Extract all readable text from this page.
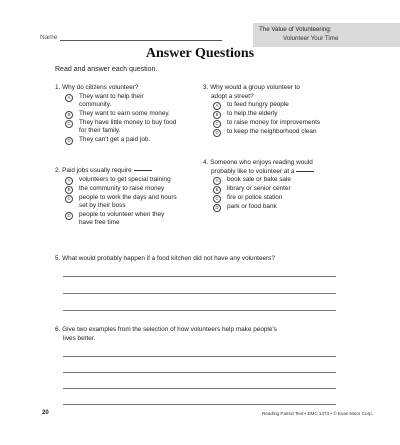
Name
The Value of Volunteering:
Volunteer Your Time
Answer Questions
Read and answer each question.
1. Why do citizens volunteer?
A	They want to help their
community.
B	They want to earn some money.
C	They have little money to buy food
for their family.
D	They can't get a paid job.
2. Paid jobs usually require
A	volunteers to get special training
B	the community to raise money
C	people to work the days and hours
set by their boss
D	people to volunteer when they
have free time
3. Why would a group volunteer to
adopt a street?
A	to feed hungry people
B	to help the elderly
C	to raise money for improvements
D	to keep the neighborhood clean
4. Someone who enjoys reading would
probably like to volunteer at a
A	book sale or bake sale
B	library or senior center
C	fire or police station
D	park or food bank
5. What would probably happen if a food kitchen did not have any volunteers?
6. Give two examples from the selection of how volunteers help make people's
lives better.
20	Reading Paired Text • EMC 1373 • © Evan-Moor Corp.
